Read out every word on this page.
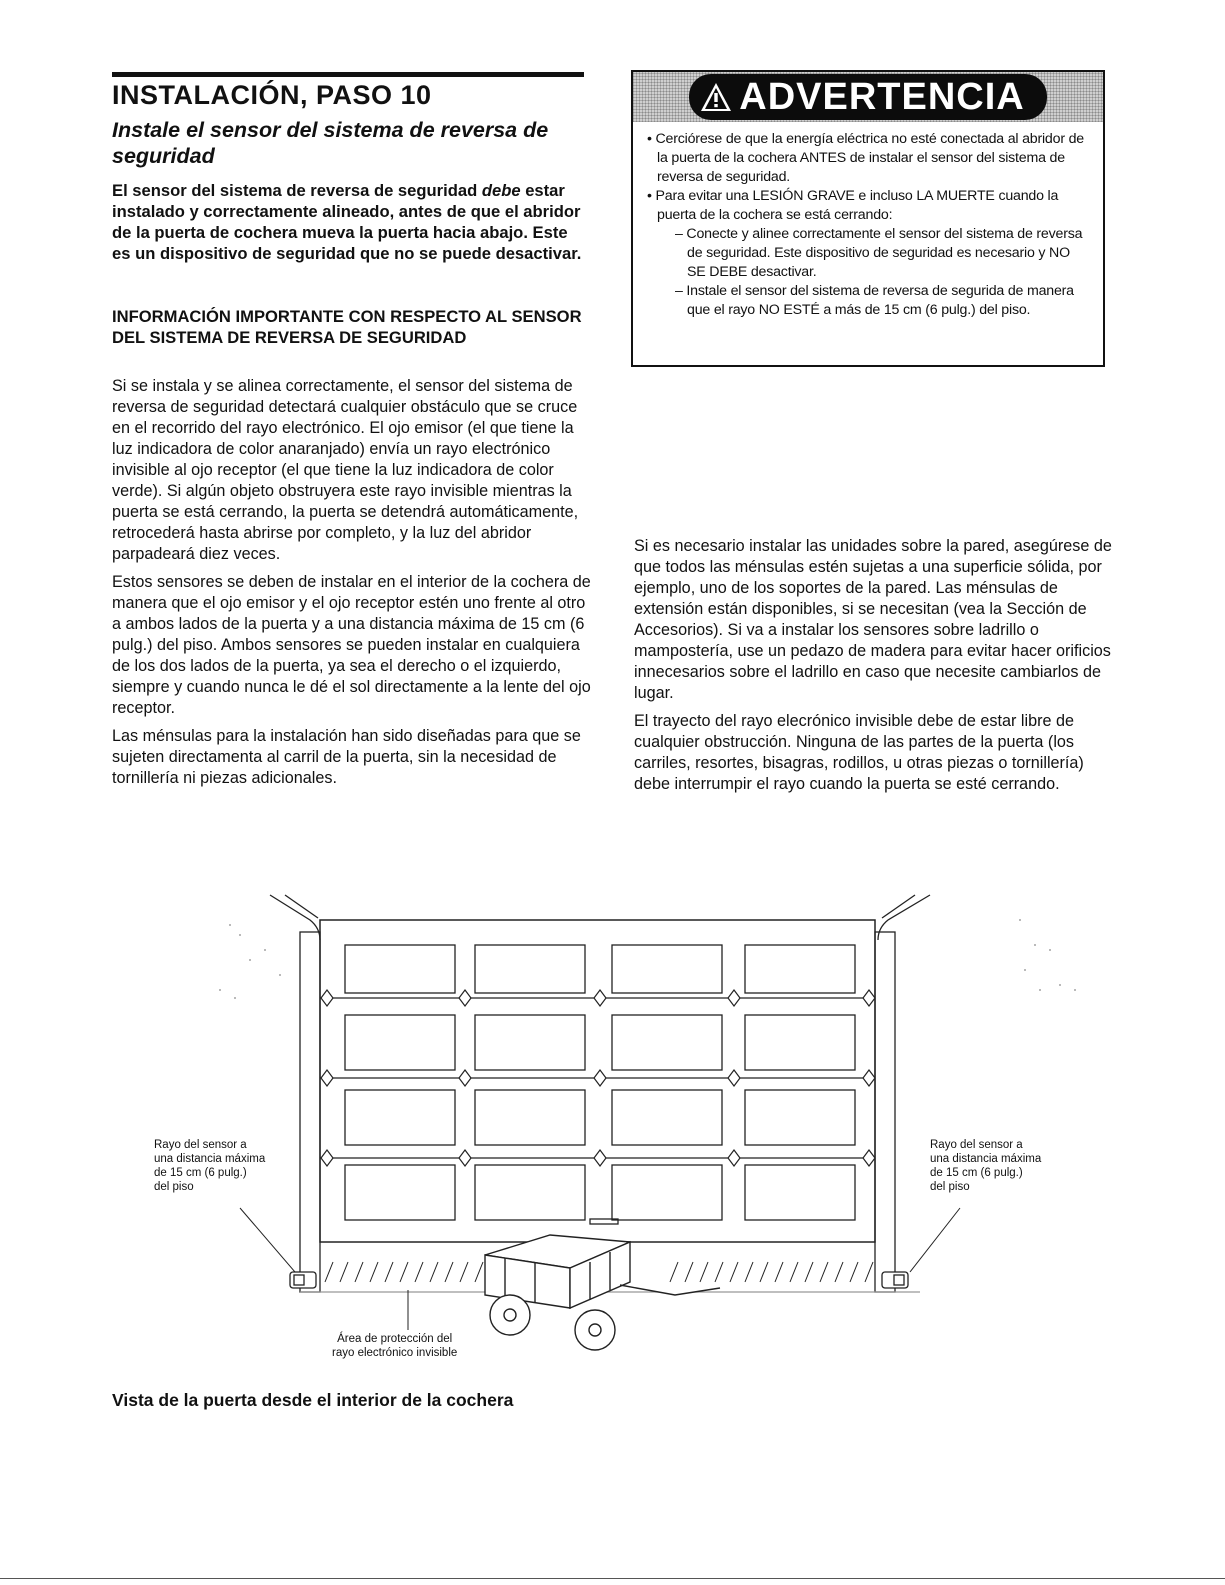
INSTALACIÓN, PASO 10
Instale el sensor del sistema de reversa de seguridad
El sensor del sistema de reversa de seguridad debe estar instalado y correctamente alineado, antes de que el abridor de la puerta de cochera mueva la puerta hacia abajo. Este es un dispositivo de seguridad que no se puede desactivar.
INFORMACIÓN IMPORTANTE CON RESPECTO AL SENSOR DEL SISTEMA DE REVERSA DE SEGURIDAD

Si se instala y se alinea correctamente, el sensor del sistema de reversa de seguridad detectará cualquier obstáculo que se cruce en el recorrido del rayo electrónico. El ojo emisor (el que tiene la luz indicadora de color anaranjado) envía un rayo electrónico invisible al ojo receptor (el que tiene la luz indicadora de color verde). Si algún objeto obstruyera este rayo invisible mientras la puerta se está cerrando, la puerta se detendrá automáticamente, retrocederá hasta abrirse por completo, y la luz del abridor parpadeará diez veces.

Estos sensores se deben de instalar en el interior de la cochera de manera que el ojo emisor y el ojo receptor estén uno frente al otro a ambos lados de la puerta y a una distancia máxima de 15 cm (6 pulg.) del piso. Ambos sensores se pueden instalar en cualquiera de los dos lados de la puerta, ya sea el derecho o el izquierdo, siempre y cuando nunca le dé el sol directamente a la lente del ojo receptor.

Las ménsulas para la instalación han sido diseñadas para que se sujeten directamenta al carril de la puerta, sin la necesidad de tornillería ni piezas adicionales.

ADVERTENCIA

• Cerciórese de que la energía eléctrica no esté conectada al abridor de la puerta de la cochera ANTES de instalar el sensor del sistema de reversa de seguridad.

• Para evitar una LESIÓN GRAVE e incluso LA MUERTE cuando la puerta de la cochera se está cerrando:

– Conecte y alinee correctamente el sensor del sistema de reversa de seguridad. Este dispositivo de seguridad es necesario y NO SE DEBE desactivar.

– Instale el sensor del sistema de reversa de segurida de manera que el rayo NO ESTÉ a más de 15 cm (6 pulg.) del piso.

Si es necesario instalar las unidades sobre la pared, asegúrese de que todos las ménsulas estén sujetas a una superficie sólida, por ejemplo, uno de los soportes de la pared. Las ménsulas de extensión están disponibles, si se necesitan (vea la Sección de Accesorios). Si va a instalar los sensores sobre ladrillo o mampostería, use un pedazo de madera para evitar hacer orificios innecesarios sobre el ladrillo en caso que necesite cambiarlos de lugar.

El trayecto del rayo elecrónico invisible debe de estar libre de cualquier obstrucción. Ninguna de las partes de la puerta (los carriles, resortes, bisagras, rodillos, u otras piezas o tornillería) debe interrumpir el rayo cuando la puerta se esté cerrando.

Rayo del sensor a
una distancia máxima
de 15 cm (6 pulg.)
del piso
Rayo del sensor a
una distancia máxima
de 15 cm (6 pulg.)
del piso
Área de protección del
rayo electrónico invisible
Vista de la puerta desde el interior de la cochera
